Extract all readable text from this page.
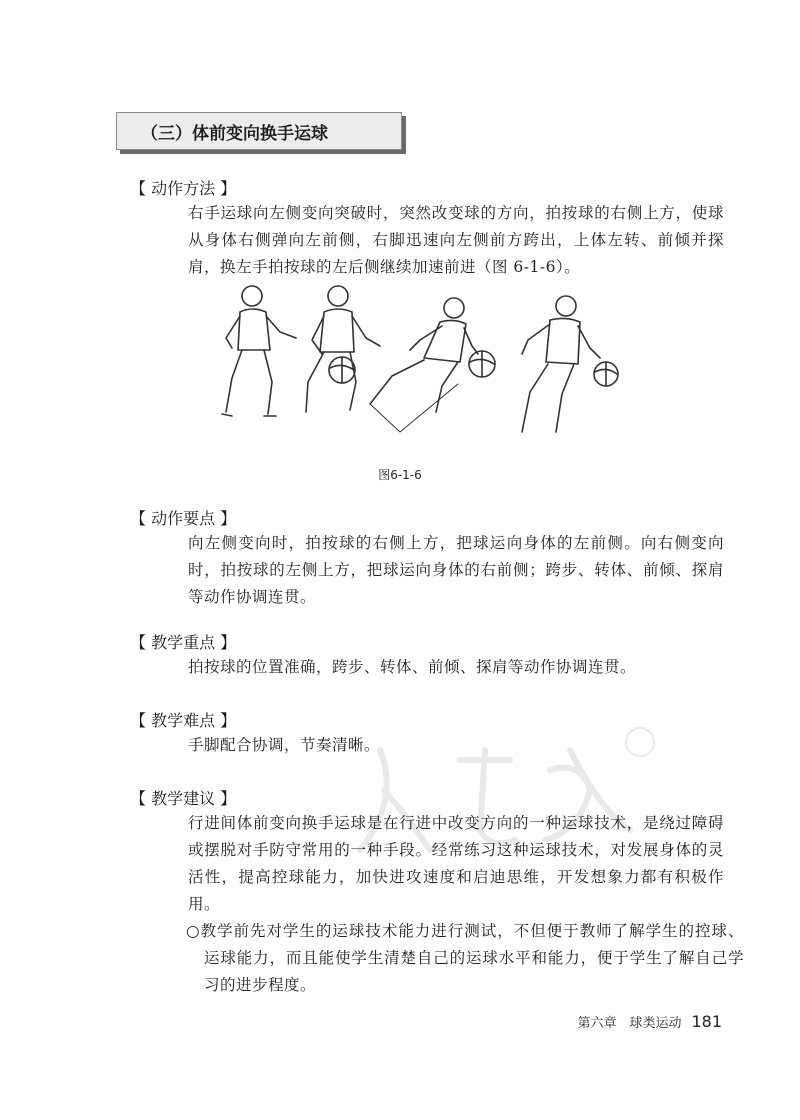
（三）体前变向换手运球
【 动作方法 】

右手运球向左侧变向突破时，突然改变球的方向，拍按球的右侧上方，使球从身体右侧弹向左前侧，右脚迅速向左侧前方跨出，上体左转、前倾并探肩，换左手拍按球的左后侧继续加速前进（图 6-1-6）。

图6-1-6
【 动作要点 】

向左侧变向时，拍按球的右侧上方，把球运向身体的左前侧。向右侧变向时，拍按球的左侧上方，把球运向身体的右前侧；跨步、转体、前倾、探肩等动作协调连贯。

【 教学重点 】

拍按球的位置准确，跨步、转体、前倾、探肩等动作协调连贯。

【 教学难点 】

手脚配合协调，节奏清晰。

【 教学建议 】

行进间体前变向换手运球是在行进中改变方向的一种运球技术，是绕过障碍或摆脱对手防守常用的一种手段。经常练习这种运球技术，对发展身体的灵活性，提高控球能力，加快进攻速度和启迪思维，开发想象力都有积极作用。

○教学前先对学生的运球技术能力进行测试，不但便于教师了解学生的控球、运球能力，而且能使学生清楚自己的运球水平和能力，便于学生了解自己学习的进步程度。

第六章　球类运动 181
